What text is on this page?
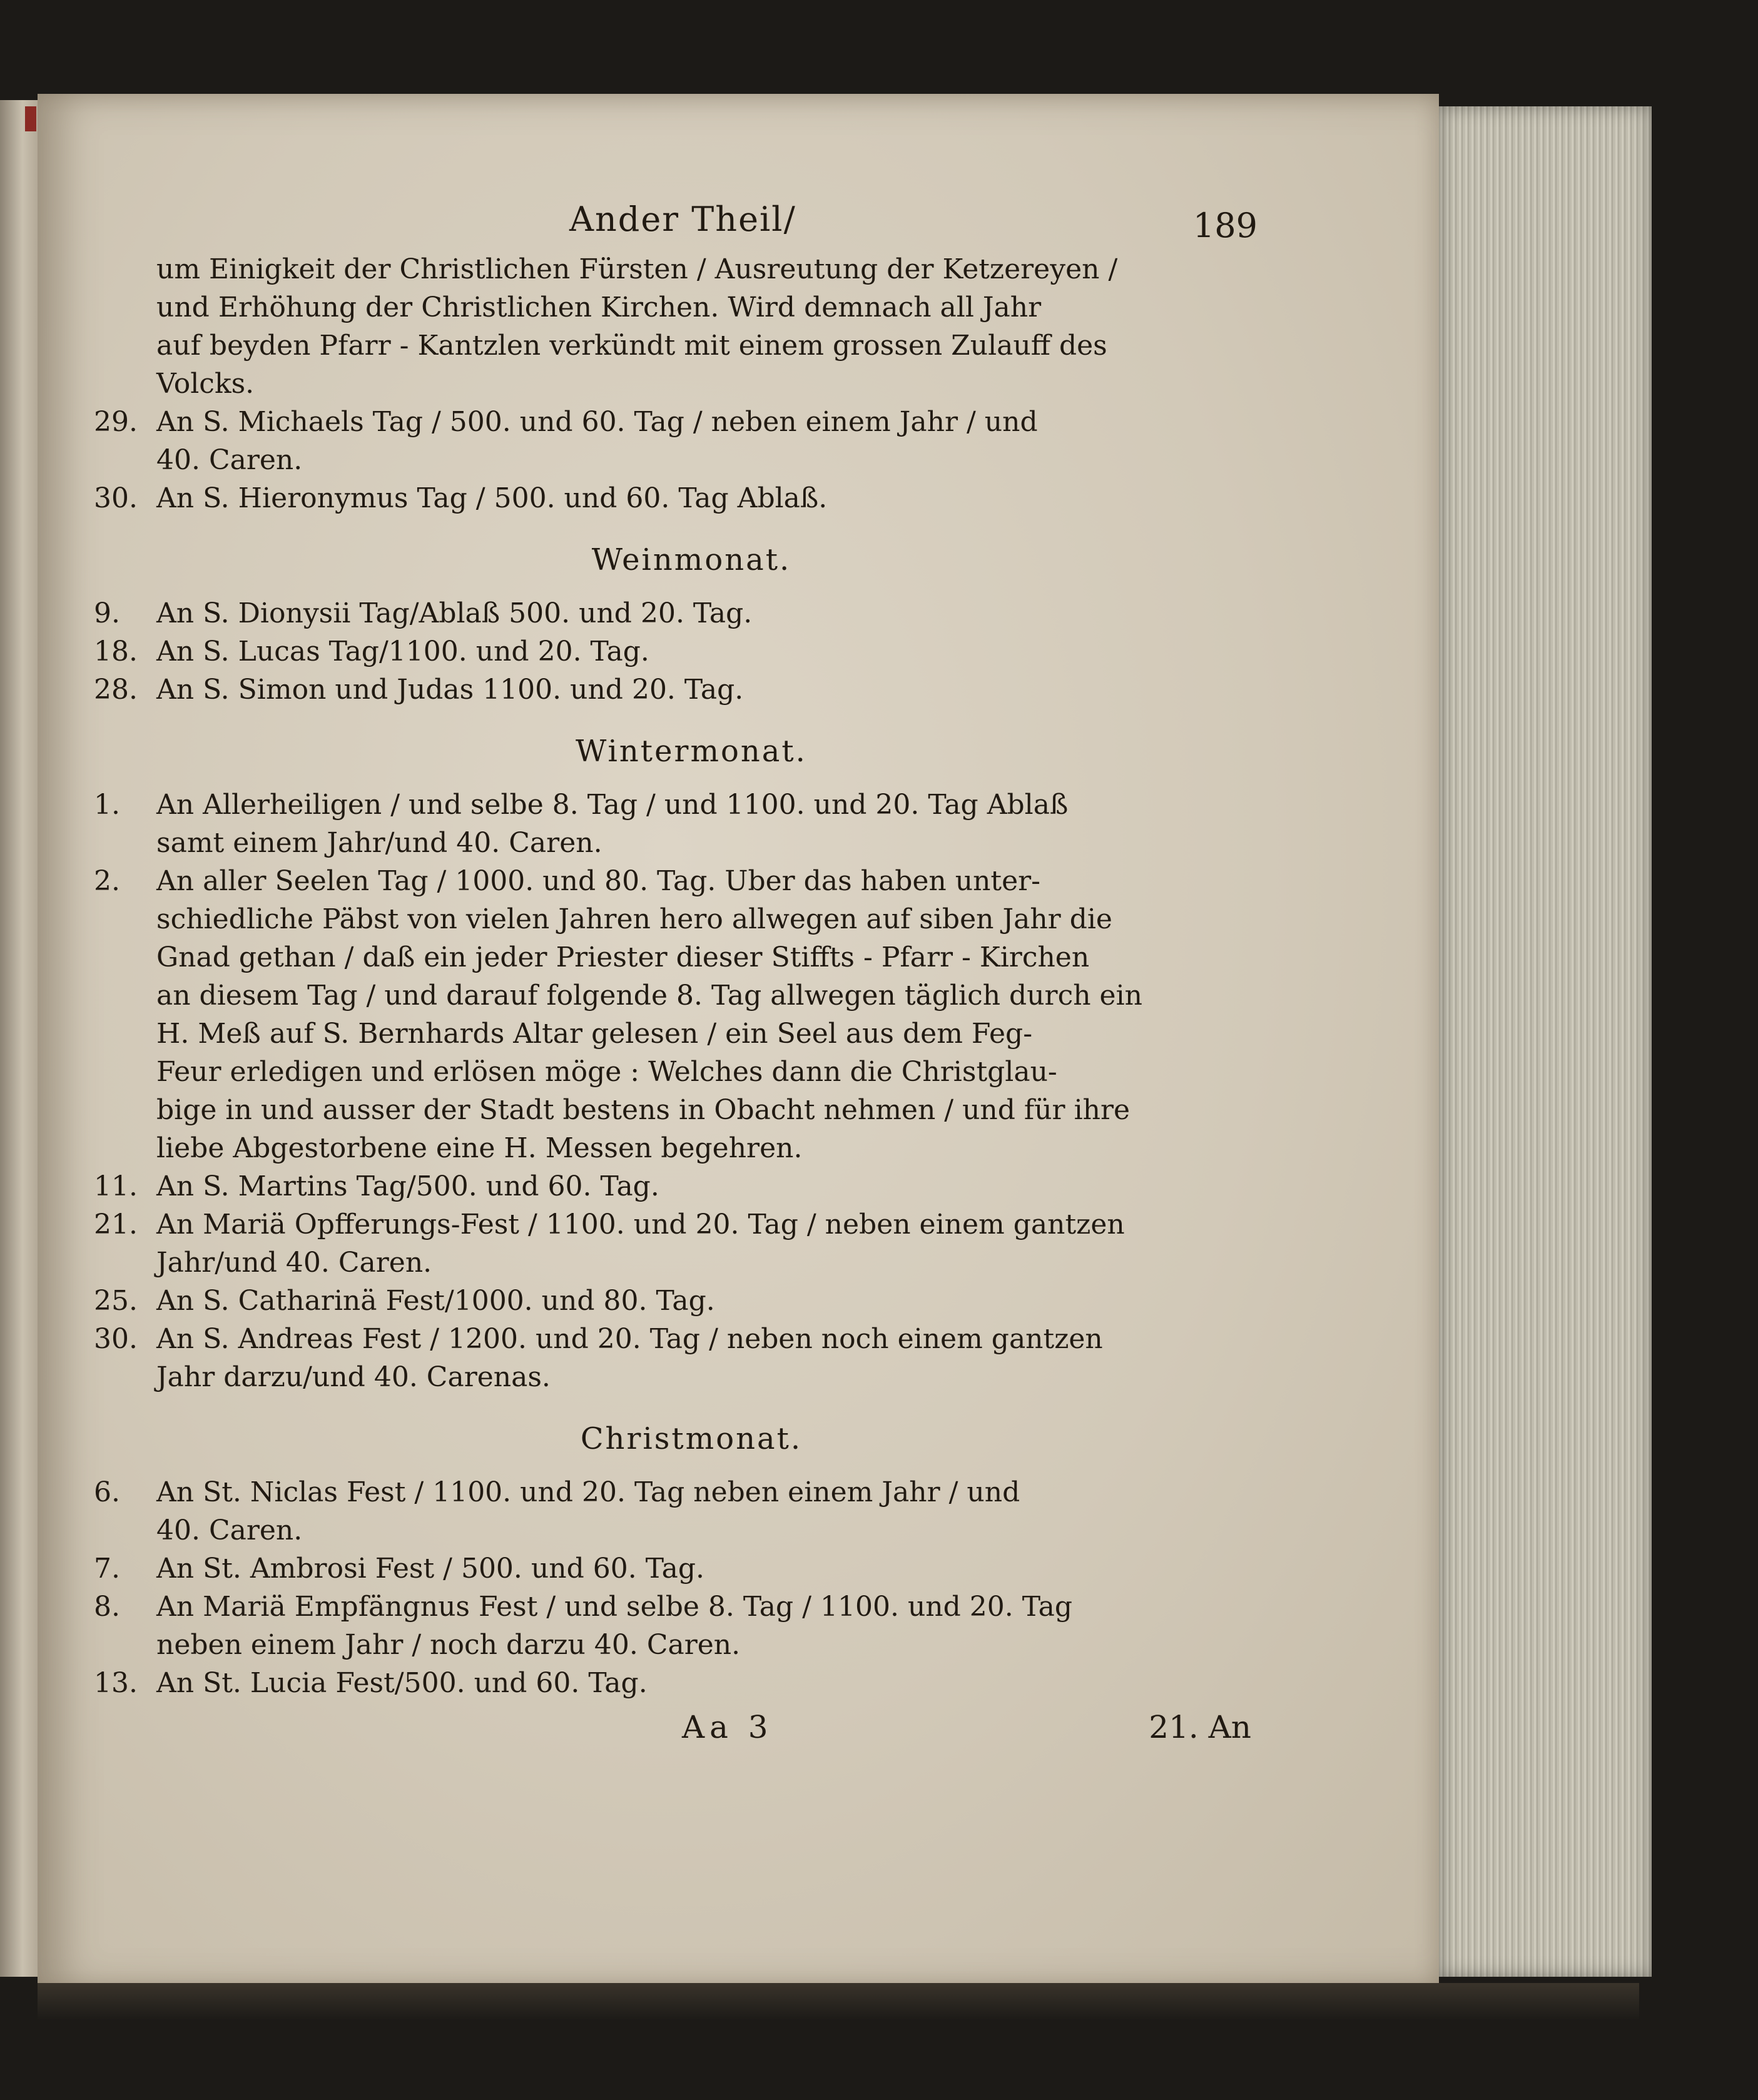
Ander Theil/	189

um Einigkeit der Christlichen Fürsten / Ausreutung der Ketzereyen /

und Erhöhung der Christlichen Kirchen. Wird demnach all Jahr

auf beyden Pfarr - Kantzlen verkündt mit einem grossen Zulauff des

Volcks.

29. An S. Michaels Tag / 500. und 60. Tag / neben einem Jahr / und
40. Caren.
30. An S. Hieronymus Tag / 500. und 60. Tag Ablaß.
Weinmonat.
9.	An S. Dionysii Tag/Ablaß 500. und 20. Tag.
18. An S. Lucas Tag/1100. und 20. Tag.
28. An S. Simon und Judas 1100. und 20. Tag.
Wintermonat.
1.	An Allerheiligen / und selbe 8. Tag / und 1100. und 20. Tag Ablaß
samt einem Jahr/und 40. Caren.
2.	An aller Seelen Tag / 1000. und 80. Tag. Uber das haben unter-
schiedliche Päbst von vielen Jahren hero allwegen auf siben Jahr die
Gnad gethan / daß ein jeder Priester dieser Stiffts - Pfarr - Kirchen
an diesem Tag / und darauf folgende 8. Tag allwegen täglich durch ein
H. Meß auf S. Bernhards Altar gelesen / ein Seel aus dem Feg-
Feur erledigen und erlösen möge : Welches dann die Christglau-
bige in und ausser der Stadt bestens in Obacht nehmen / und für ihre
liebe Abgestorbene eine H. Messen begehren.
11. An S. Martins Tag/500. und 60. Tag.
21. An Mariä Opfferungs-Fest / 1100. und 20. Tag / neben einem gantzen
Jahr/und 40. Caren.
25. An S. Catharinä Fest/1000. und 80. Tag.
30. An S. Andreas Fest / 1200. und 20. Tag / neben noch einem gantzen
Jahr darzu/und 40. Carenas.
Christmonat.
6.	An St. Niclas Fest / 1100. und 20. Tag neben einem Jahr / und
40. Caren.
7.	An St. Ambrosi Fest / 500. und 60. Tag.
8.	An Mariä Empfängnus Fest / und selbe 8. Tag / 1100. und 20. Tag
neben einem Jahr / noch darzu 40. Caren.
13. An St. Lucia Fest/500. und 60. Tag.
Aa 3	21. An
